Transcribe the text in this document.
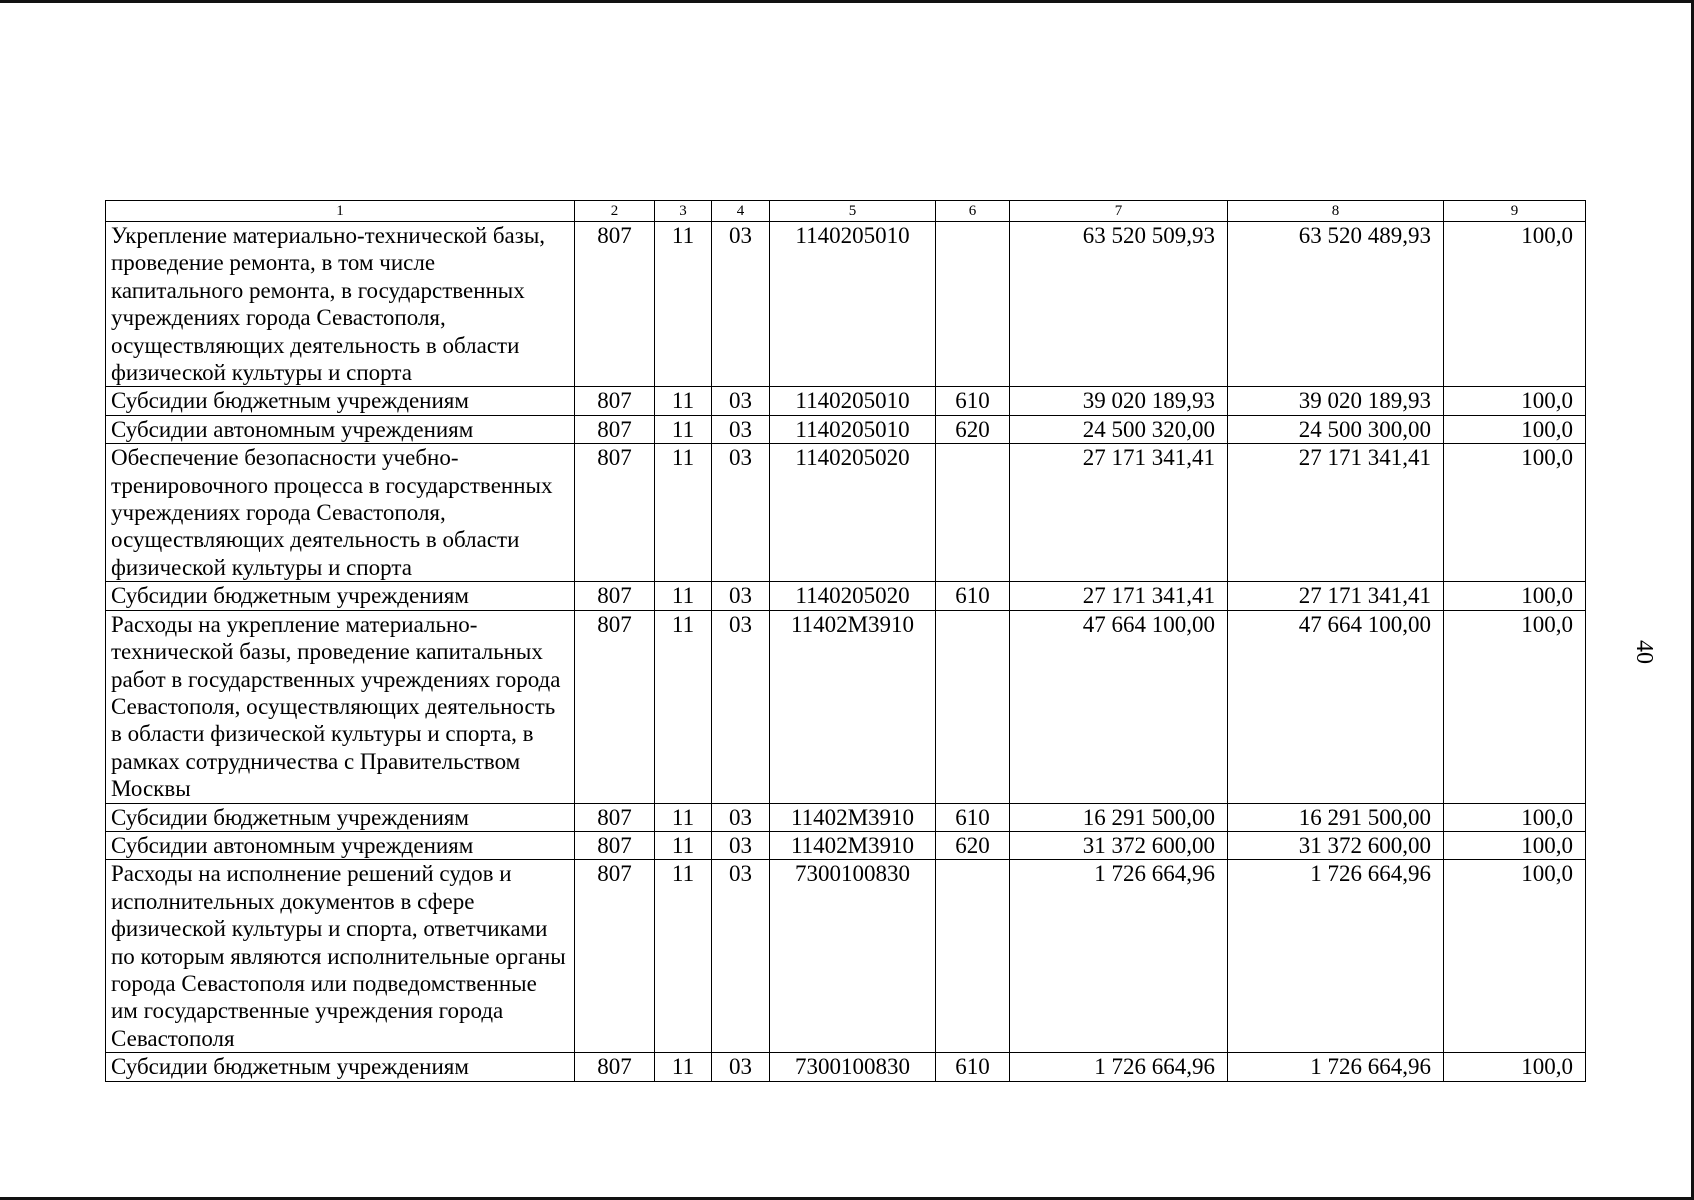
1	2	3	4	5	6	7	8	9
Укрепление материально-технической базы, проведение ремонта, в том числе капитального ремонта, в государственных учреждениях города Севастополя, осуществляющих деятельность в области физической культуры и спорта	807	11	03	1140205010		63 520 509,93	63 520 489,93	100,0
Субсидии бюджетным учреждениям	807	11	03	1140205010	610	39 020 189,93	39 020 189,93	100,0
Субсидии автономным учреждениям	807	11	03	1140205010	620	24 500 320,00	24 500 300,00	100,0
Обеспечение безопасности учебно-тренировочного процесса в государственных учреждениях города Севастополя, осуществляющих деятельность в области физической культуры и спорта	807	11	03	1140205020		27 171 341,41	27 171 341,41	100,0
Субсидии бюджетным учреждениям	807	11	03	1140205020	610	27 171 341,41	27 171 341,41	100,0
Расходы на укрепление материально-технической базы, проведение капитальных работ в государственных учреждениях города Севастополя, осуществляющих деятельность в области физической культуры и спорта, в рамках сотрудничества с Правительством Москвы	807	11	03	11402М3910		47 664 100,00	47 664 100,00	100,0
Субсидии бюджетным учреждениям	807	11	03	11402М3910	610	16 291 500,00	16 291 500,00	100,0
Субсидии автономным учреждениям	807	11	03	11402М3910	620	31 372 600,00	31 372 600,00	100,0
Расходы на исполнение решений судов и исполнительных документов в сфере физической культуры и спорта, ответчиками по которым являются исполнительные органы города Севастополя или подведомственные им государственные учреждения города Севастополя	807	11	03	7300100830		1 726 664,96	1 726 664,96	100,0
Субсидии бюджетным учреждениям	807	11	03	7300100830	610	1 726 664,96	1 726 664,96	100,0
40
